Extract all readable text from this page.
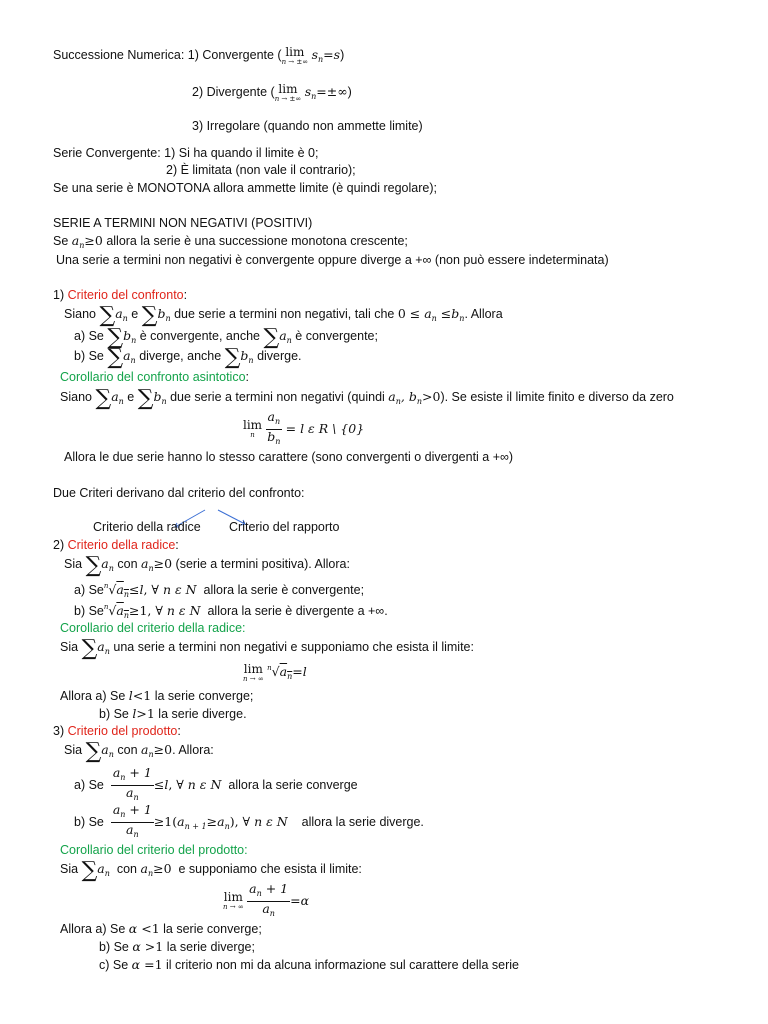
Successione Numerica: 1) Convergente ( lim
n → ±∞ $s_n=s$)
2) Divergente ( lim
n → ±∞ $s_n=\pm\infty$)
3) Irregolare (quando non ammette limite)
Serie Convergente: 1) Si ha quando il limite è 0;
2) È limitata (non vale il contrario);
Se una serie è MONOTONA allora ammette limite (è quindi regolare);
SERIE A TERMINI NON NEGATIVI (POSITIVI)
Se $a_n\ge 0$ allora la serie è una successione monotona crescente;
Una serie a termini non negativi è convergente oppure diverge a +∞ (non può essere indeterminata)
1) Criterio del confronto:
Siano $\sum a_n$ e $\sum b_n$ due serie a termini non negativi, tali che $0 \le a_n \le b_n$. Allora
a) Se $\sum b_n$ è convergente, anche $\sum a_n$ è convergente;
b) Se $\sum a_n$ diverge, anche $\sum b_n$ diverge.
Corollario del confronto asintotico:
Siano $\sum a_n$ e $\sum b_n$ due serie a termini non negativi (quindi $a_n$, $b_n>0$). Se esiste il limite finito e diverso da zero
lim
n
$\frac{a_n}{b_n} = l$ ε R \ {0}
Allora le due serie hanno lo stesso carattere (sono convergenti o divergenti a +∞)
Due Criteri derivano dal criterio del confronto:
Criterio della radice Criterio del rapporto
2) Criterio della radice:
Sia $\sum a_n$ con $a_n\ge 0$ (serie a termini positiva). Allora:
a) $Se^n√a_n\le l$, ∀ n ε N allora la serie è convergente;
b) $Se^n√a_n\ge 1$, ∀ n ε N allora la serie è divergente a +∞.
Corollario del criterio della radice:
Sia $\sum a_n$ una serie a termini non negativi e supponiamo che esista il limite:
lim
n → ∞
$^n√a_n=l$
Allora a) Se l<1 la serie converge;
b) Se l>1 la serie diverge.
3) Criterio del prodotto:
Sia $\sum a_n$ con $a_n\ge 0$. Allora:
a) Se $\frac{a_n + 1}{a_n} \le l$, ∀ n ε N allora la serie converge
b) Se $\frac{a_n + 1}{a_n} \ge 1(a_{n + 1}\ge a_n)$, ∀ n ε N allora la serie diverge.
Corollario del criterio del prodotto:
Sia $\sum a_n$ con $a_n\ge 0$ e supponiamo che esista il limite:
lim
n → ∞
$\frac{a_n + 1}{a_n} =\alpha$
Allora a) Se α <1 la serie converge;
b) Se α >1 la serie diverge;
c) Se α =1 il criterio non mi da alcuna informazione sul carattere della serie
